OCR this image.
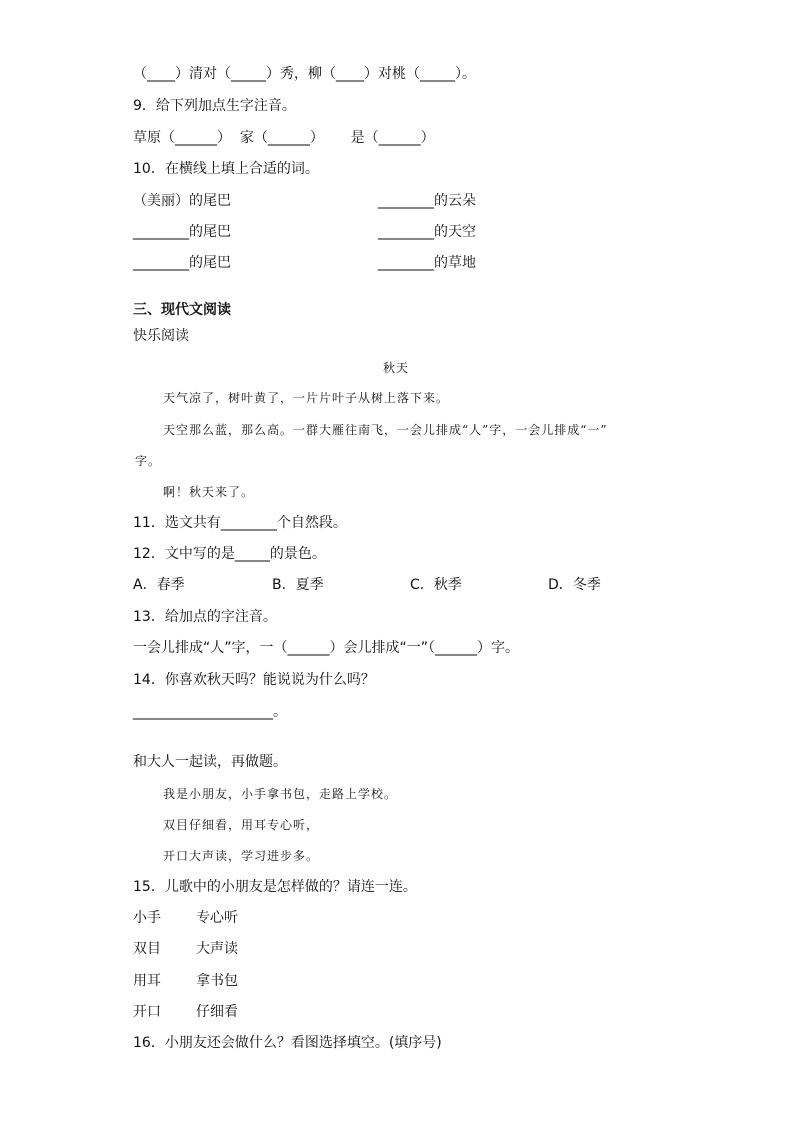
（____）清对（_____）秀，柳（____）对桃（_____）。
9．给下列加点生字注音。
草原（______）  家（______）      是（______）
10．在横线上填上合适的词。
（美丽）的尾巴	________的云朵
________的尾巴	________的天空
________的尾巴	________的草地
三、现代文阅读
快乐阅读
秋天
天气凉了，树叶黄了，一片片叶子从树上落下来。
天空那么蓝，那么高。一群大雁往南飞，一会儿排成“人”字，一会儿排成“一”
字。
啊！秋天来了。
11．选文共有________个自然段。
12．文中写的是_____的景色。
A．春季	B．夏季	C．秋季	D．冬季
13．给加点的字注音。
一会儿排成“人”字，一（______）会儿排成“一”（______）字。
14．你喜欢秋天吗？能说说为什么吗？
____________________。
和大人一起读，再做题。
我是小朋友，小手拿书包，走路上学校。
双目仔细看，用耳专心听，
开口大声读，学习进步多。
15．儿歌中的小朋友是怎样做的？请连一连。
小手	专心听
双目	大声读
用耳	拿书包
开口	仔细看
16．小朋友还会做什么？看图选择填空。(填序号)
